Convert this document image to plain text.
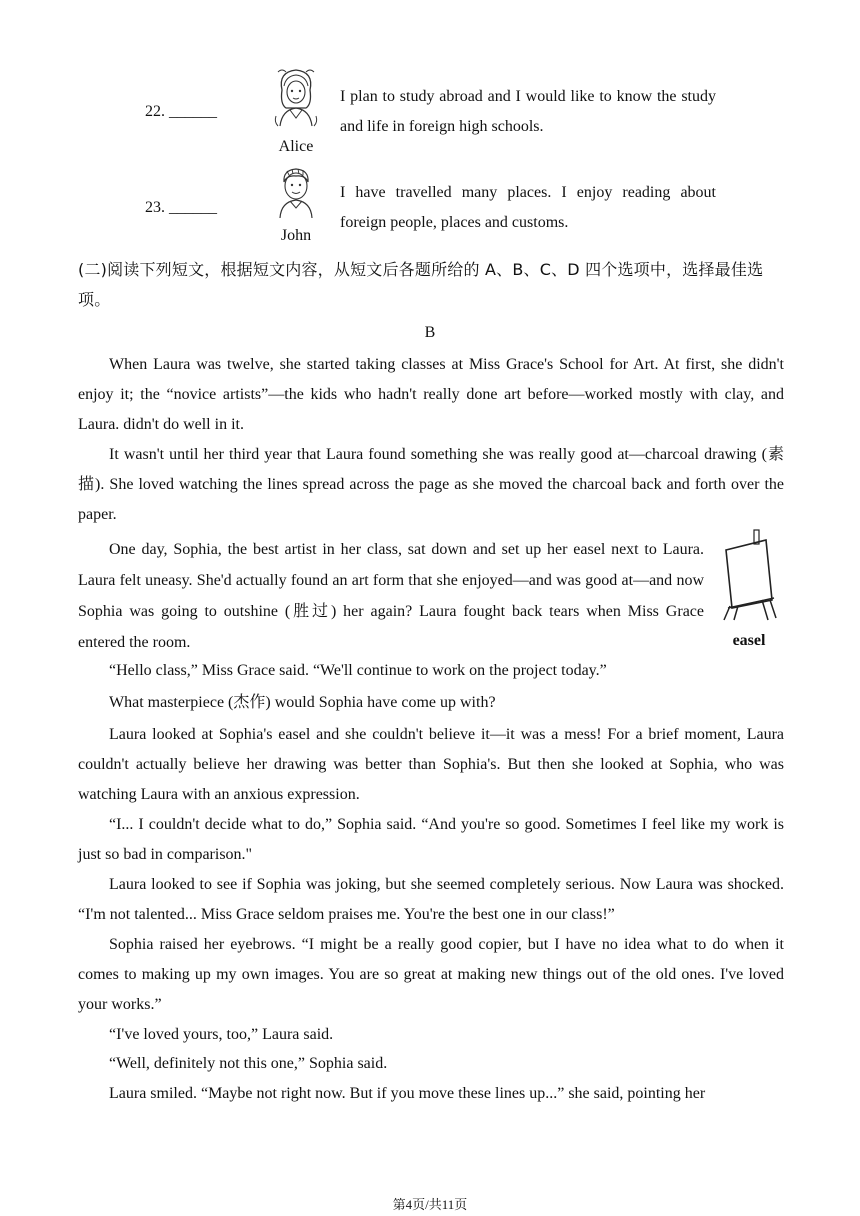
22. ______
Alice
I plan to study abroad and I would like to know the study and life in foreign high schools.
23. ______
John
I have travelled many places. I enjoy reading about foreign people, places and customs.
(二)阅读下列短文，根据短文内容，从短文后各题所给的 A、B、C、D 四个选项中，选择最佳选项。
B
When Laura was twelve, she started taking classes at Miss Grace's School for Art. At first, she didn't enjoy it; the “novice artists”—the kids who hadn't really done art before—worked mostly with clay, and Laura. didn't do well in it.
It wasn't until her third year that Laura found something she was really good at—charcoal drawing (素描). She loved watching the lines spread across the page as she moved the charcoal back and forth over the paper.
One day, Sophia, the best artist in her class, sat down and set up her easel next to Laura. Laura felt uneasy. She'd actually found an art form that she enjoyed—and was good at—and now Sophia was going to outshine (胜过) her again? Laura fought back tears when Miss Grace entered the room.	easel
“Hello class,” Miss Grace said. “We'll continue to work on the project today.”
What masterpiece (杰作) would Sophia have come up with?
Laura looked at Sophia's easel and she couldn't believe it—it was a mess! For a brief moment, Laura couldn't actually believe her drawing was better than Sophia's. But then she looked at Sophia, who was watching Laura with an anxious expression.
“I... I couldn't decide what to do,” Sophia said. “And you're so good. Sometimes I feel like my work is just so bad in comparison."
Laura looked to see if Sophia was joking, but she seemed completely serious. Now Laura was shocked. “I'm not talented... Miss Grace seldom praises me. You're the best one in our class!”
Sophia raised her eyebrows. “I might be a really good copier, but I have no idea what to do when it comes to making up my own images. You are so great at making new things out of the old ones. I've loved your works.”
“I've loved yours, too,” Laura said.
“Well, definitely not this one,” Sophia said.
Laura smiled. “Maybe not right now. But if you move these lines up...” she said, pointing her
第4页/共11页
